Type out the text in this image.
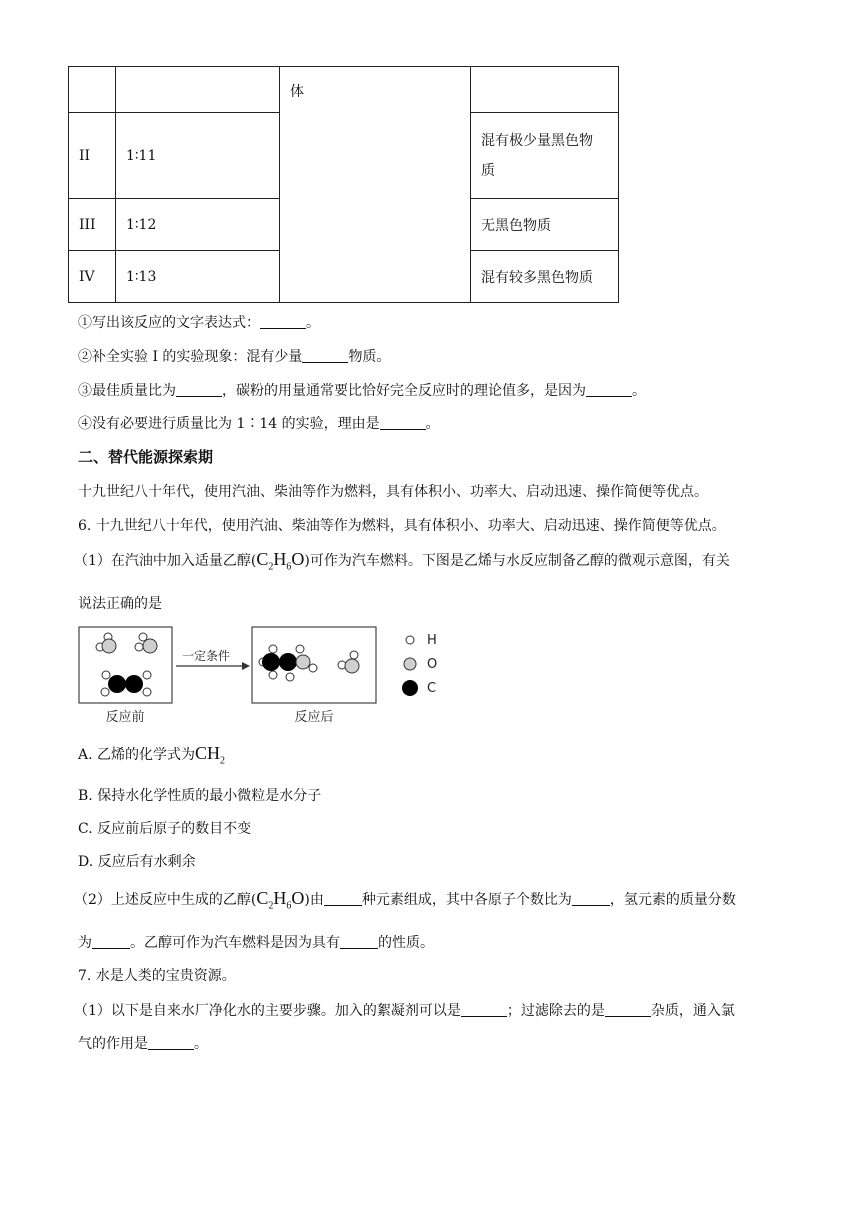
		体	
II	1∶11		混有极少量黑色物
质
III	1∶12		无黑色物质
IV	1∶13		混有较多黑色物质
①写出该反应的文字表达式：	。
②补全实验 I 的实验现象：混有少量	物质。
③最佳质量比为	，碳粉的用量通常要比恰好完全反应时的理论值多，是因为	。
④没有必要进行质量比为 1∶14 的实验，理由是	。
二、替代能源探索期
十九世纪八十年代，使用汽油、柴油等作为燃料，具有体积小、功率大、启动迅速、操作简便等优点。
6. 十九世纪八十年代，使用汽油、柴油等作为燃料，具有体积小、功率大、启动迅速、操作简便等优点。
（1）在汽油中加入适量乙醇$(C_2H_6O)$可作为汽车燃料。下图是乙烯与水反应制备乙醇的微观示意图，有关
说法正确的是
反应前
一定条件
反应后
H
O
C
A. 乙烯的化学式为$CH_2$
B. 保持水化学性质的最小微粒是水分子
C. 反应前后原子的数目不变
D. 反应后有水剩余
（2）上述反应中生成的乙醇$(C_2H_6O)$由	种元素组成，其中各原子个数比为	，氢元素的质量分数
为	。乙醇可作为汽车燃料是因为具有	的性质。
7. 水是人类的宝贵资源。
（1）以下是自来水厂净化水的主要步骤。加入的絮凝剂可以是	；过滤除去的是	杂质，通入氯
气的作用是	。
